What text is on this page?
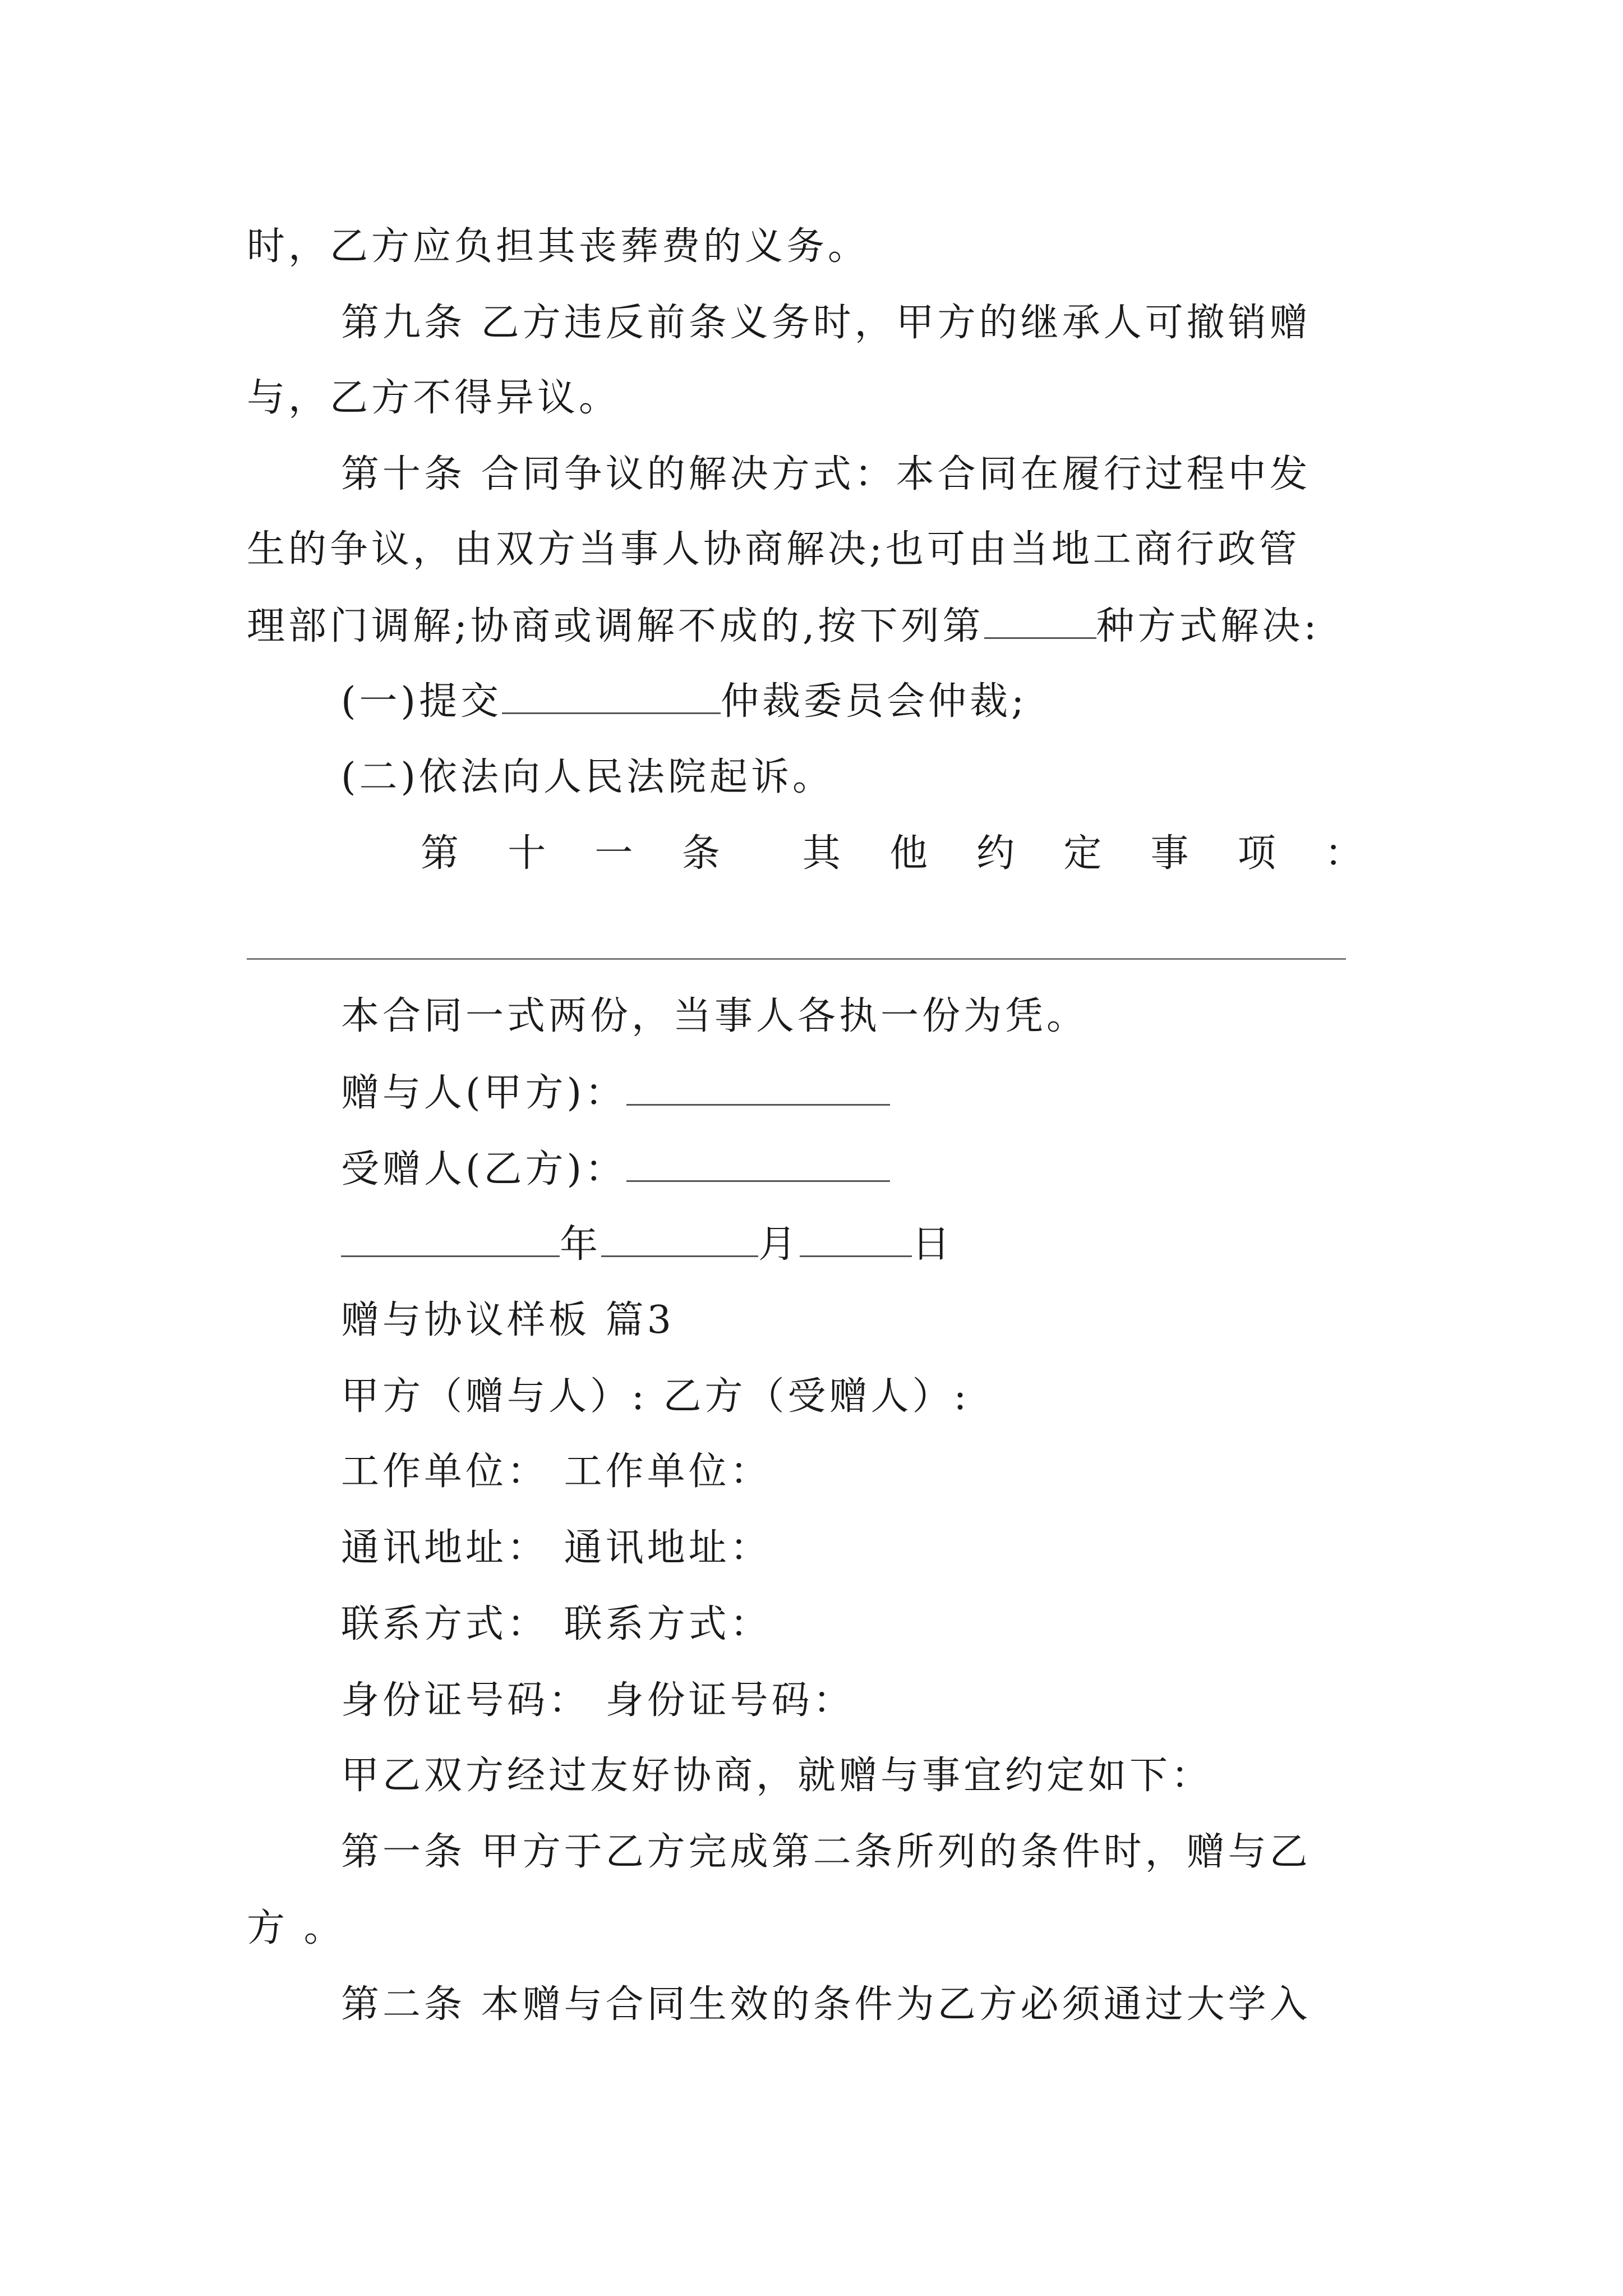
时，乙方应负担其丧葬费的义务。
第九条 乙方违反前条义务时，甲方的继承人可撤销赠
与，乙方不得异议。
第十条 合同争议的解决方式：本合同在履行过程中发
生的争议，由双方当事人协商解决;也可由当地工商行政管
理部门调解;协商或调解不成的,按下列第	种方式解决:
(一)提交	仲裁委员会仲裁;
(二)依法向人民法院起诉。
第 十 一 条 其 他 约 定 事 项 ：
本合同一式两份，当事人各执一份为凭。
赠与人(甲方)：
受赠人(乙方)：
年	月	日
赠与协议样板 篇3
甲方（赠与人）: 乙方（受赠人）:
工作单位： 工作单位：
通讯地址： 通讯地址：
联系方式： 联系方式：
身份证号码： 身份证号码：
甲乙双方经过友好协商，就赠与事宜约定如下：
第一条 甲方于乙方完成第二条所列的条件时，赠与乙
方 。
第二条 本赠与合同生效的条件为乙方必须通过大学入
